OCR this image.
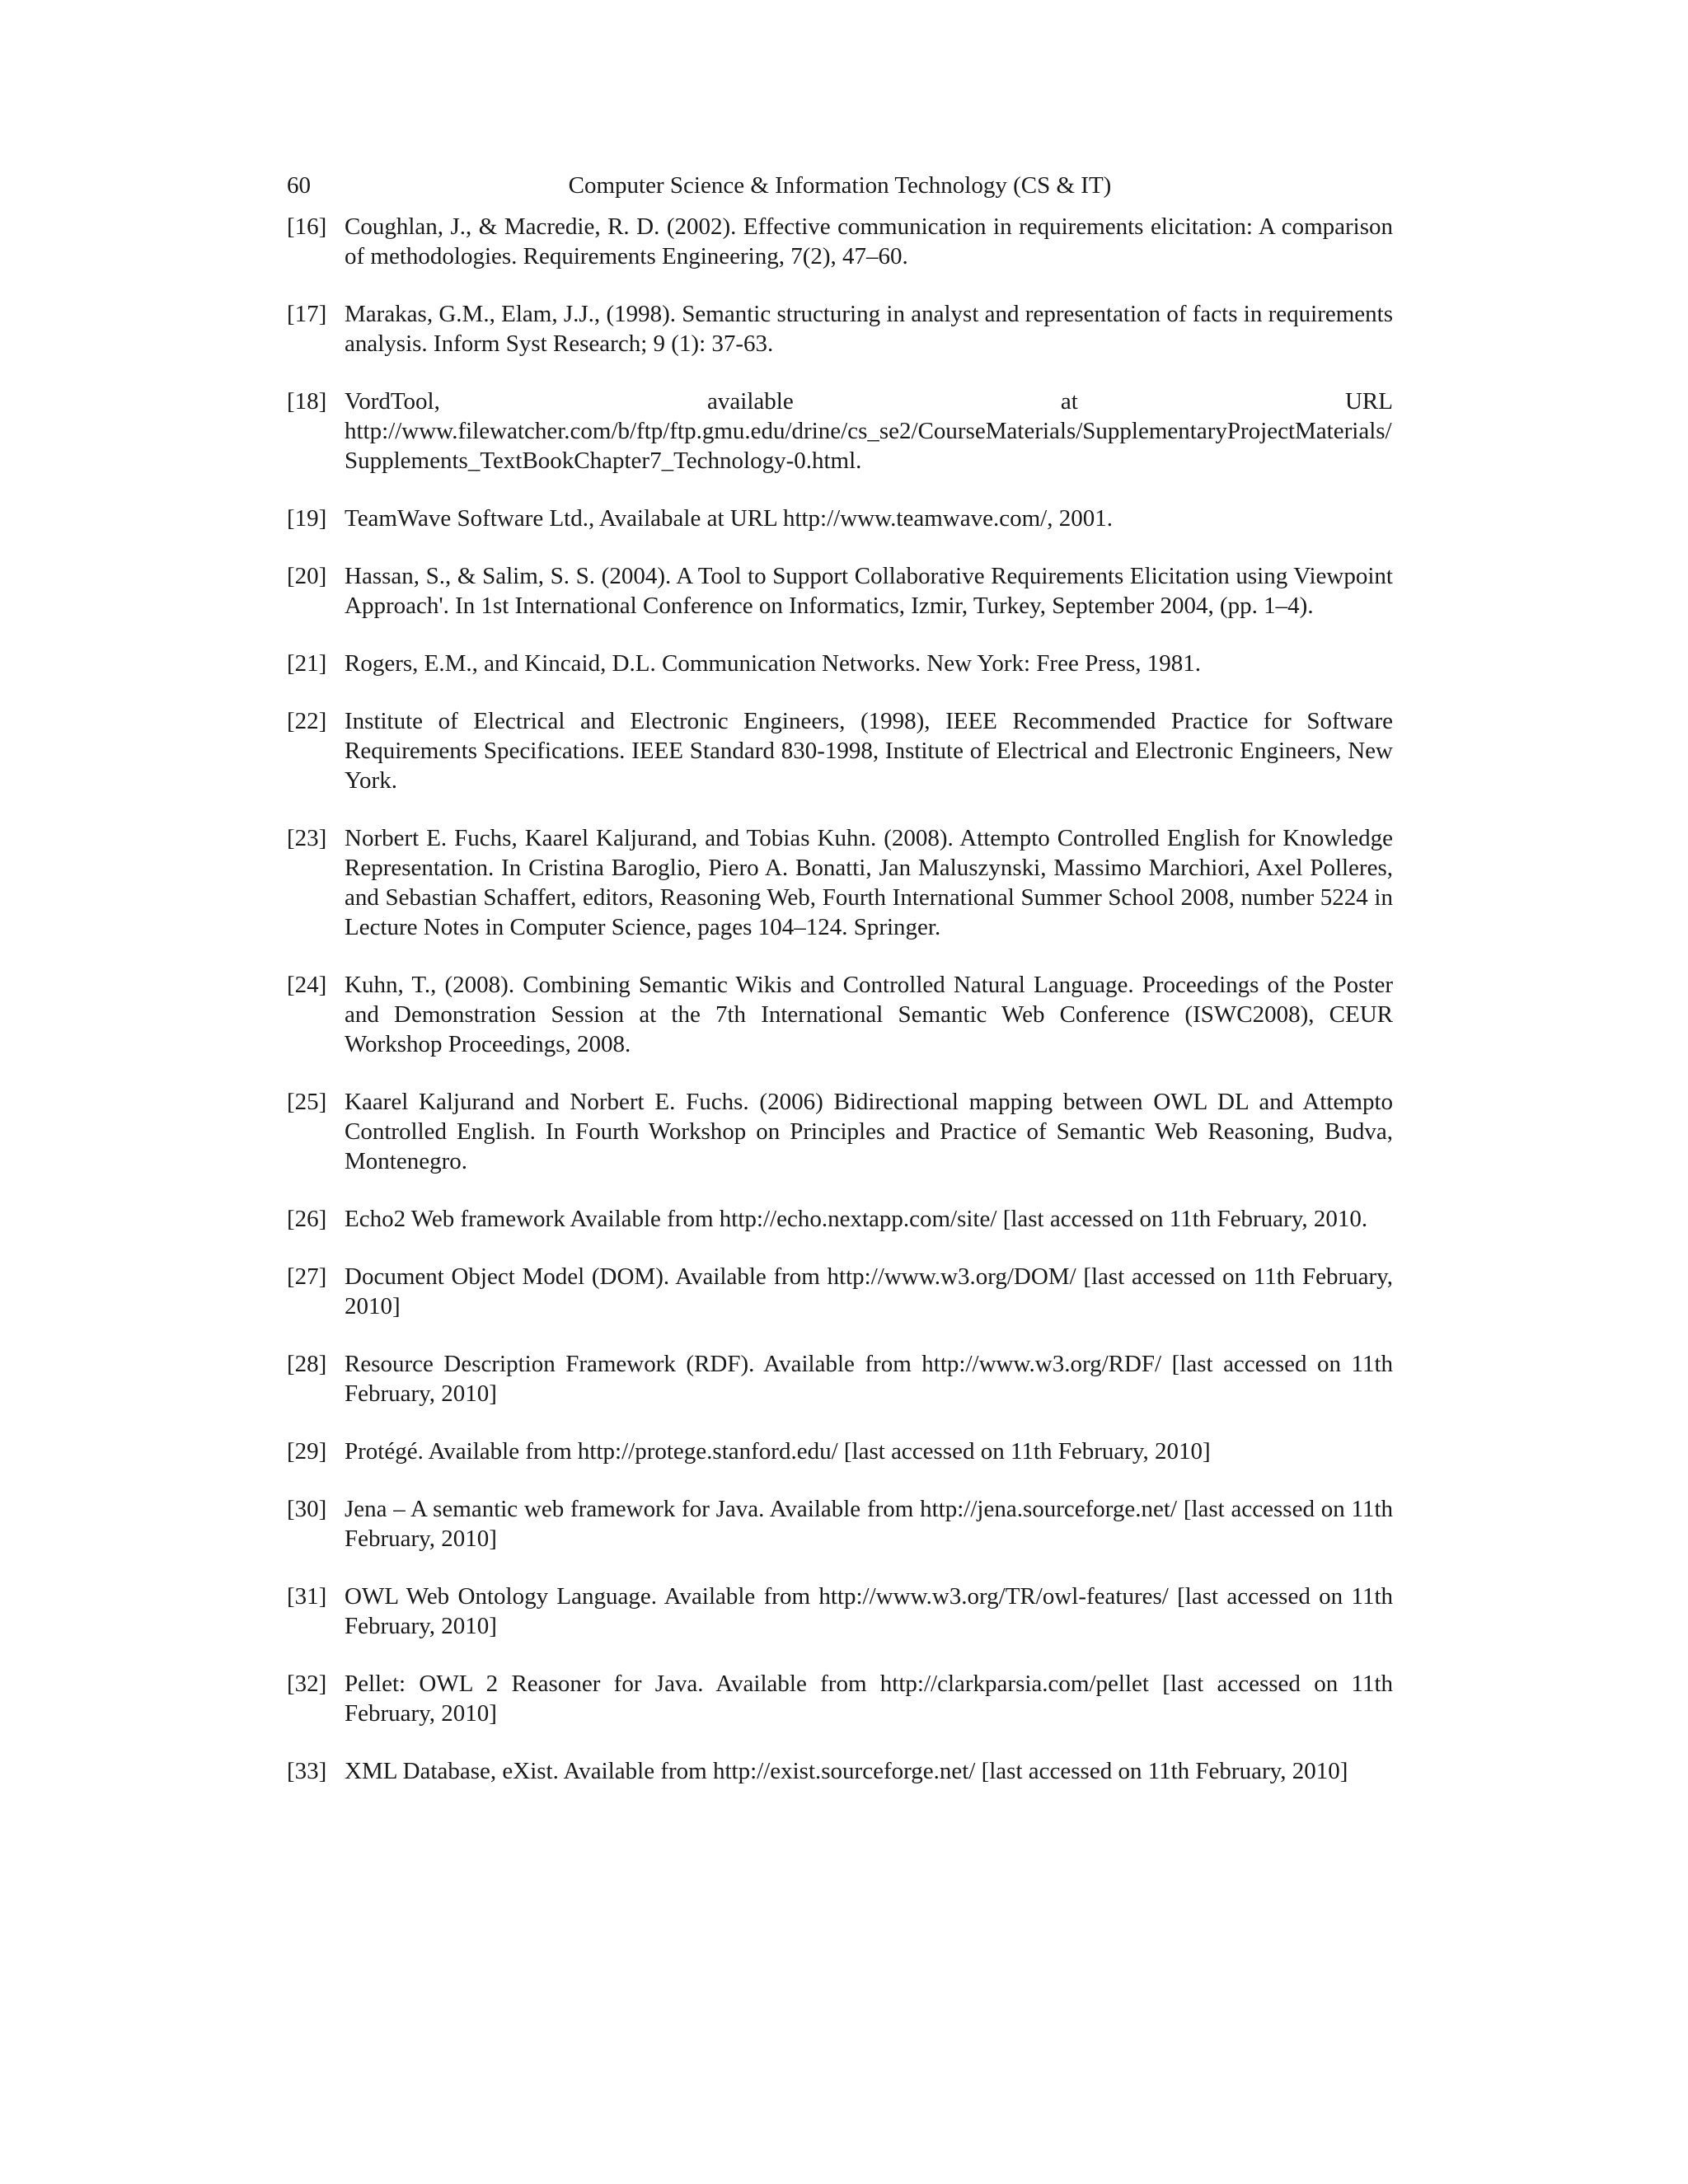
60	Computer Science & Information Technology (CS & IT)
[16] Coughlan, J., & Macredie, R. D. (2002). Effective communication in requirements elicitation: A comparison of methodologies. Requirements Engineering, 7(2), 47–60.
[17] Marakas, G.M., Elam, J.J., (1998). Semantic structuring in analyst and representation of facts in requirements analysis. Inform Syst Research; 9 (1): 37-63.
[18] VordTool, available at URL http://www.filewatcher.com/b/ftp/ftp.gmu.edu/drine/cs_se2/CourseMaterials/SupplementaryProjectMaterials/Supplements_TextBookChapter7_Technology-0.html.
[19] TeamWave Software Ltd., Availabale at URL http://www.teamwave.com/, 2001.
[20] Hassan, S., & Salim, S. S. (2004). A Tool to Support Collaborative Requirements Elicitation using Viewpoint Approach'. In 1st International Conference on Informatics, Izmir, Turkey, September 2004, (pp. 1–4).
[21] Rogers, E.M., and Kincaid, D.L. Communication Networks. New York: Free Press, 1981.
[22] Institute of Electrical and Electronic Engineers, (1998), IEEE Recommended Practice for Software Requirements Specifications. IEEE Standard 830-1998, Institute of Electrical and Electronic Engineers, New York.
[23] Norbert E. Fuchs, Kaarel Kaljurand, and Tobias Kuhn. (2008). Attempto Controlled English for Knowledge Representation. In Cristina Baroglio, Piero A. Bonatti, Jan Maluszynski, Massimo Marchiori, Axel Polleres, and Sebastian Schaffert, editors, Reasoning Web, Fourth International Summer School 2008, number 5224 in Lecture Notes in Computer Science, pages 104–124. Springer.
[24] Kuhn, T., (2008). Combining Semantic Wikis and Controlled Natural Language. Proceedings of the Poster and Demonstration Session at the 7th International Semantic Web Conference (ISWC2008), CEUR Workshop Proceedings, 2008.
[25] Kaarel Kaljurand and Norbert E. Fuchs. (2006) Bidirectional mapping between OWL DL and Attempto Controlled English. In Fourth Workshop on Principles and Practice of Semantic Web Reasoning, Budva, Montenegro.
[26] Echo2 Web framework Available from http://echo.nextapp.com/site/ [last accessed on 11th February, 2010.
[27] Document Object Model (DOM). Available from http://www.w3.org/DOM/ [last accessed on 11th February, 2010]
[28] Resource Description Framework (RDF). Available from http://www.w3.org/RDF/ [last accessed on 11th February, 2010]
[29] Protégé. Available from http://protege.stanford.edu/ [last accessed on 11th February, 2010]
[30] Jena – A semantic web framework for Java. Available from http://jena.sourceforge.net/ [last accessed on 11th February, 2010]
[31] OWL Web Ontology Language. Available from http://www.w3.org/TR/owl-features/ [last accessed on 11th February, 2010]
[32] Pellet: OWL 2 Reasoner for Java. Available from http://clarkparsia.com/pellet [last accessed on 11th February, 2010]
[33] XML Database, eXist. Available from http://exist.sourceforge.net/ [last accessed on 11th February, 2010]
